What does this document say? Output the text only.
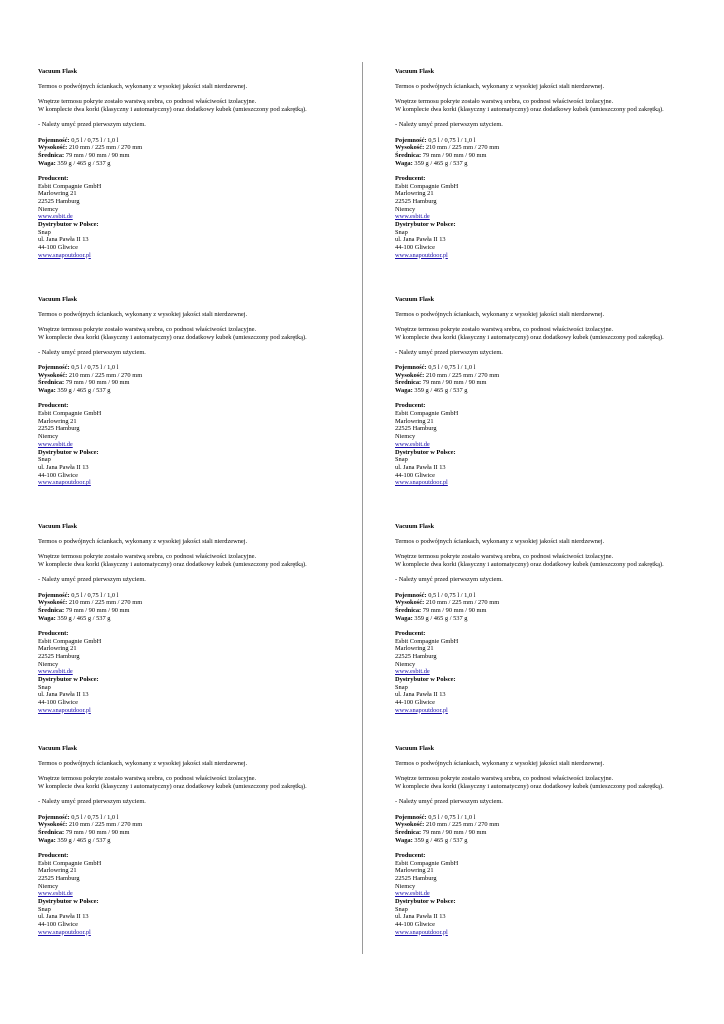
Vacuum Flask
Termos o podwójnych ściankach, wykonany z wysokiej jakości stali nierdzewnej.
Wnętrze termosu pokryte zostało warstwą srebra, co podnosi właściwości izolacyjne.
W komplecie dwa korki (klasyczny i automatyczny) oraz dodatkowy kubek (umieszczony pod zakrętką).
- Należy umyć przed pierwszym użyciem.
Pojemność: 0,5 l / 0,75 l / 1,0 l
Wysokość: 210 mm / 225 mm / 270 mm
Średnica: 79 mm / 90 mm / 90 mm
Waga: 359 g / 465 g / 537 g
Producent:
Esbit Compagnie GmbH
Marlowring 21
22525 Hamburg
Niemcy
www.esbit.de
Dystrybutor w Polsce:
Snap
ul. Jana Pawła II 13
44-100 Gliwice
www.snapoutdoor.pl
Vacuum Flask
Termos o podwójnych ściankach, wykonany z wysokiej jakości stali nierdzewnej.
Wnętrze termosu pokryte zostało warstwą srebra, co podnosi właściwości izolacyjne.
W komplecie dwa korki (klasyczny i automatyczny) oraz dodatkowy kubek (umieszczony pod zakrętką).
- Należy umyć przed pierwszym użyciem.
Pojemność: 0,5 l / 0,75 l / 1,0 l
Wysokość: 210 mm / 225 mm / 270 mm
Średnica: 79 mm / 90 mm / 90 mm
Waga: 359 g / 465 g / 537 g
Producent:
Esbit Compagnie GmbH
Marlowring 21
22525 Hamburg
Niemcy
www.esbit.de
Dystrybutor w Polsce:
Snap
ul. Jana Pawła II 13
44-100 Gliwice
www.snapoutdoor.pl
Vacuum Flask
Termos o podwójnych ściankach, wykonany z wysokiej jakości stali nierdzewnej.
Wnętrze termosu pokryte zostało warstwą srebra, co podnosi właściwości izolacyjne.
W komplecie dwa korki (klasyczny i automatyczny) oraz dodatkowy kubek (umieszczony pod zakrętką).
- Należy umyć przed pierwszym użyciem.
Pojemność: 0,5 l / 0,75 l / 1,0 l
Wysokość: 210 mm / 225 mm / 270 mm
Średnica: 79 mm / 90 mm / 90 mm
Waga: 359 g / 465 g / 537 g
Producent:
Esbit Compagnie GmbH
Marlowring 21
22525 Hamburg
Niemcy
www.esbit.de
Dystrybutor w Polsce:
Snap
ul. Jana Pawła II 13
44-100 Gliwice
www.snapoutdoor.pl
Vacuum Flask
Termos o podwójnych ściankach, wykonany z wysokiej jakości stali nierdzewnej.
Wnętrze termosu pokryte zostało warstwą srebra, co podnosi właściwości izolacyjne.
W komplecie dwa korki (klasyczny i automatyczny) oraz dodatkowy kubek (umieszczony pod zakrętką).
- Należy umyć przed pierwszym użyciem.
Pojemność: 0,5 l / 0,75 l / 1,0 l
Wysokość: 210 mm / 225 mm / 270 mm
Średnica: 79 mm / 90 mm / 90 mm
Waga: 359 g / 465 g / 537 g
Producent:
Esbit Compagnie GmbH
Marlowring 21
22525 Hamburg
Niemcy
www.esbit.de
Dystrybutor w Polsce:
Snap
ul. Jana Pawła II 13
44-100 Gliwice
www.snapoutdoor.pl
Vacuum Flask
Termos o podwójnych ściankach, wykonany z wysokiej jakości stali nierdzewnej.
Wnętrze termosu pokryte zostało warstwą srebra, co podnosi właściwości izolacyjne.
W komplecie dwa korki (klasyczny i automatyczny) oraz dodatkowy kubek (umieszczony pod zakrętką).
- Należy umyć przed pierwszym użyciem.
Pojemność: 0,5 l / 0,75 l / 1,0 l
Wysokość: 210 mm / 225 mm / 270 mm
Średnica: 79 mm / 90 mm / 90 mm
Waga: 359 g / 465 g / 537 g
Producent:
Esbit Compagnie GmbH
Marlowring 21
22525 Hamburg
Niemcy
www.esbit.de
Dystrybutor w Polsce:
Snap
ul. Jana Pawła II 13
44-100 Gliwice
www.snapoutdoor.pl
Vacuum Flask
Termos o podwójnych ściankach, wykonany z wysokiej jakości stali nierdzewnej.
Wnętrze termosu pokryte zostało warstwą srebra, co podnosi właściwości izolacyjne.
W komplecie dwa korki (klasyczny i automatyczny) oraz dodatkowy kubek (umieszczony pod zakrętką).
- Należy umyć przed pierwszym użyciem.
Pojemność: 0,5 l / 0,75 l / 1,0 l
Wysokość: 210 mm / 225 mm / 270 mm
Średnica: 79 mm / 90 mm / 90 mm
Waga: 359 g / 465 g / 537 g
Producent:
Esbit Compagnie GmbH
Marlowring 21
22525 Hamburg
Niemcy
www.esbit.de
Dystrybutor w Polsce:
Snap
ul. Jana Pawła II 13
44-100 Gliwice
www.snapoutdoor.pl
Vacuum Flask
Termos o podwójnych ściankach, wykonany z wysokiej jakości stali nierdzewnej.
Wnętrze termosu pokryte zostało warstwą srebra, co podnosi właściwości izolacyjne.
W komplecie dwa korki (klasyczny i automatyczny) oraz dodatkowy kubek (umieszczony pod zakrętką).
- Należy umyć przed pierwszym użyciem.
Pojemność: 0,5 l / 0,75 l / 1,0 l
Wysokość: 210 mm / 225 mm / 270 mm
Średnica: 79 mm / 90 mm / 90 mm
Waga: 359 g / 465 g / 537 g
Producent:
Esbit Compagnie GmbH
Marlowring 21
22525 Hamburg
Niemcy
www.esbit.de
Dystrybutor w Polsce:
Snap
ul. Jana Pawła II 13
44-100 Gliwice
www.snapoutdoor.pl
Vacuum Flask
Termos o podwójnych ściankach, wykonany z wysokiej jakości stali nierdzewnej.
Wnętrze termosu pokryte zostało warstwą srebra, co podnosi właściwości izolacyjne.
W komplecie dwa korki (klasyczny i automatyczny) oraz dodatkowy kubek (umieszczony pod zakrętką).
- Należy umyć przed pierwszym użyciem.
Pojemność: 0,5 l / 0,75 l / 1,0 l
Wysokość: 210 mm / 225 mm / 270 mm
Średnica: 79 mm / 90 mm / 90 mm
Waga: 359 g / 465 g / 537 g
Producent:
Esbit Compagnie GmbH
Marlowring 21
22525 Hamburg
Niemcy
www.esbit.de
Dystrybutor w Polsce:
Snap
ul. Jana Pawła II 13
44-100 Gliwice
www.snapoutdoor.pl
